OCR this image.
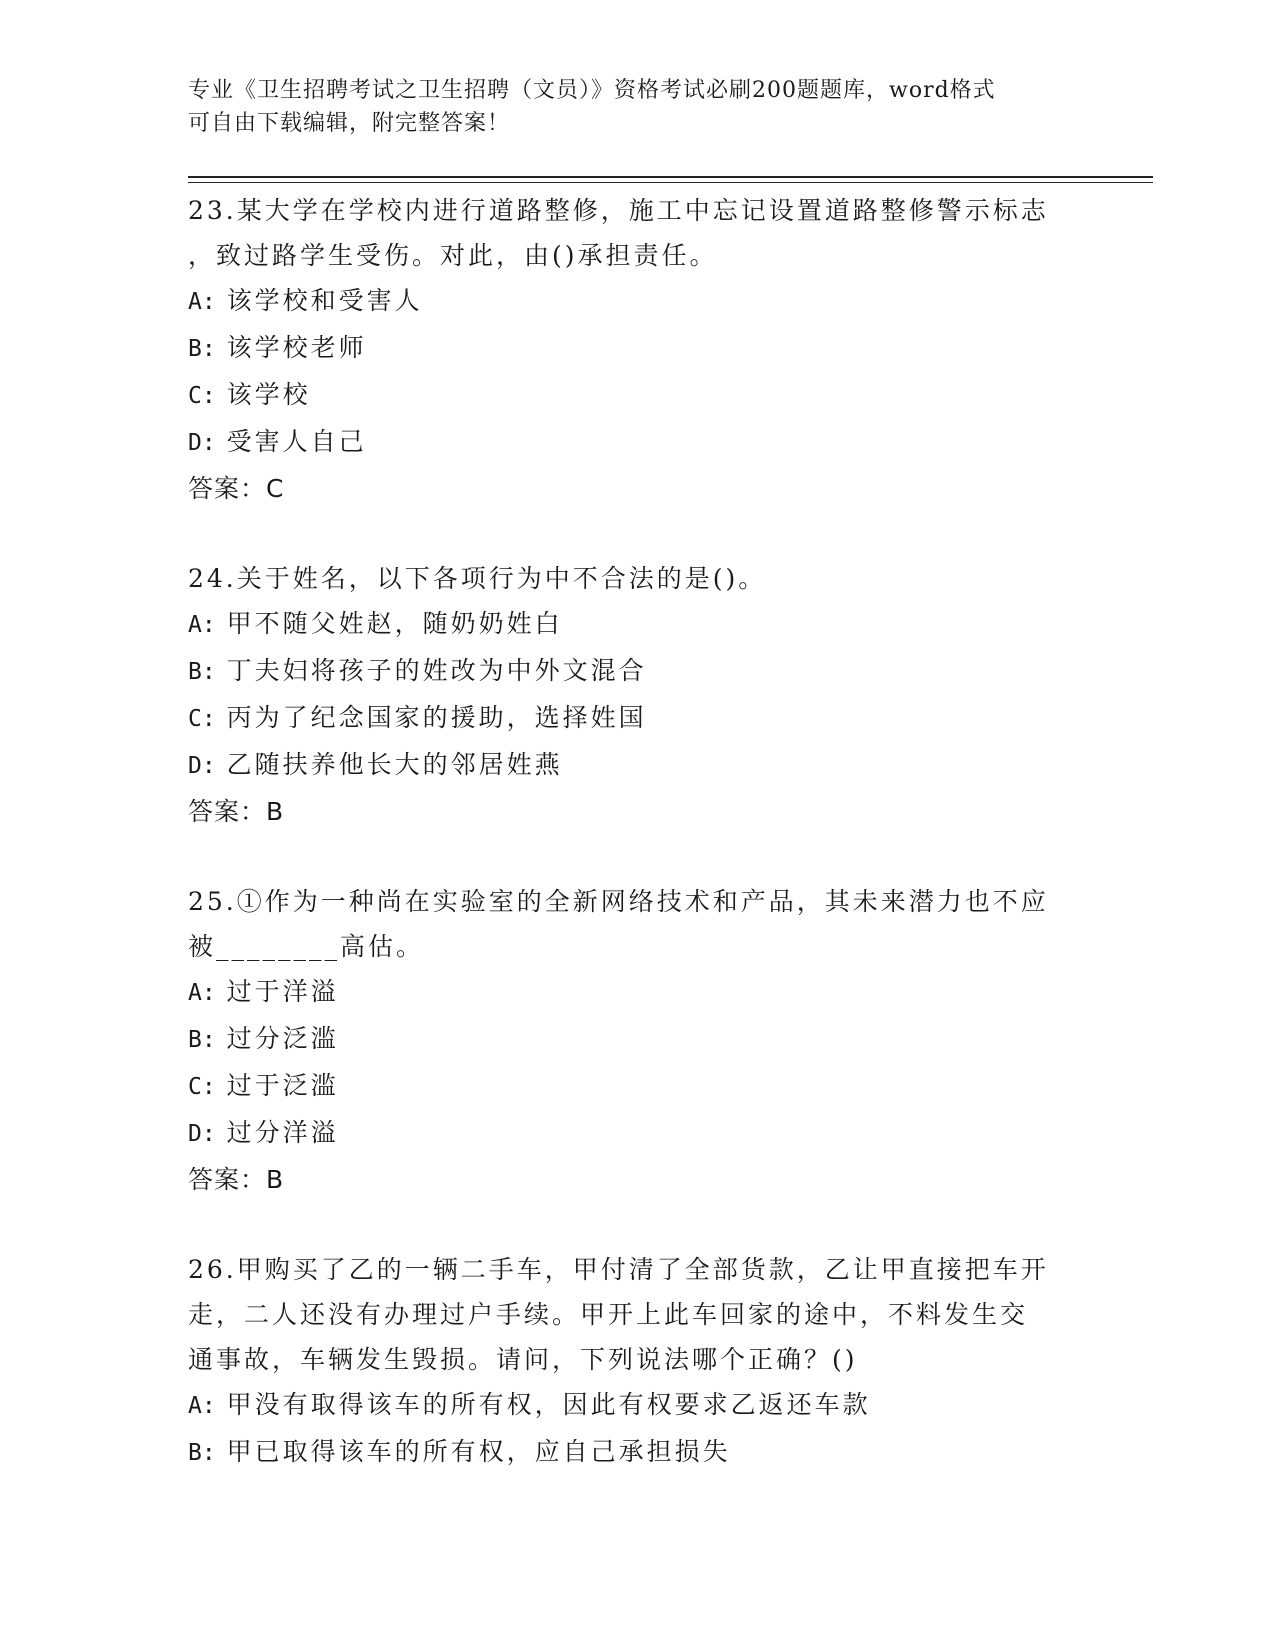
专业《卫生招聘考试之卫生招聘（文员）》资格考试必刷200题题库，word格式
可自由下载编辑，附完整答案！

23.某大学在学校内进行道路整修，施工中忘记设置道路整修警示标志

，致过路学生受伤。对此，由()承担责任。

A: 该学校和受害人

B: 该学校老师

C: 该学校

D: 受害人自己

答案：C

24.关于姓名，以下各项行为中不合法的是()。

A: 甲不随父姓赵，随奶奶姓白

B: 丁夫妇将孩子的姓改为中外文混合

C: 丙为了纪念国家的援助，选择姓国

D: 乙随扶养他长大的邻居姓燕

答案：B

25.①作为一种尚在实验室的全新网络技术和产品，其未来潜力也不应

被________高估。

A: 过于洋溢

B: 过分泛滥

C: 过于泛滥

D: 过分洋溢

答案：B

26.甲购买了乙的一辆二手车，甲付清了全部货款，乙让甲直接把车开

走，二人还没有办理过户手续。甲开上此车回家的途中，不料发生交

通事故，车辆发生毁损。请问，下列说法哪个正确？()

A: 甲没有取得该车的所有权，因此有权要求乙返还车款

B: 甲已取得该车的所有权，应自己承担损失
